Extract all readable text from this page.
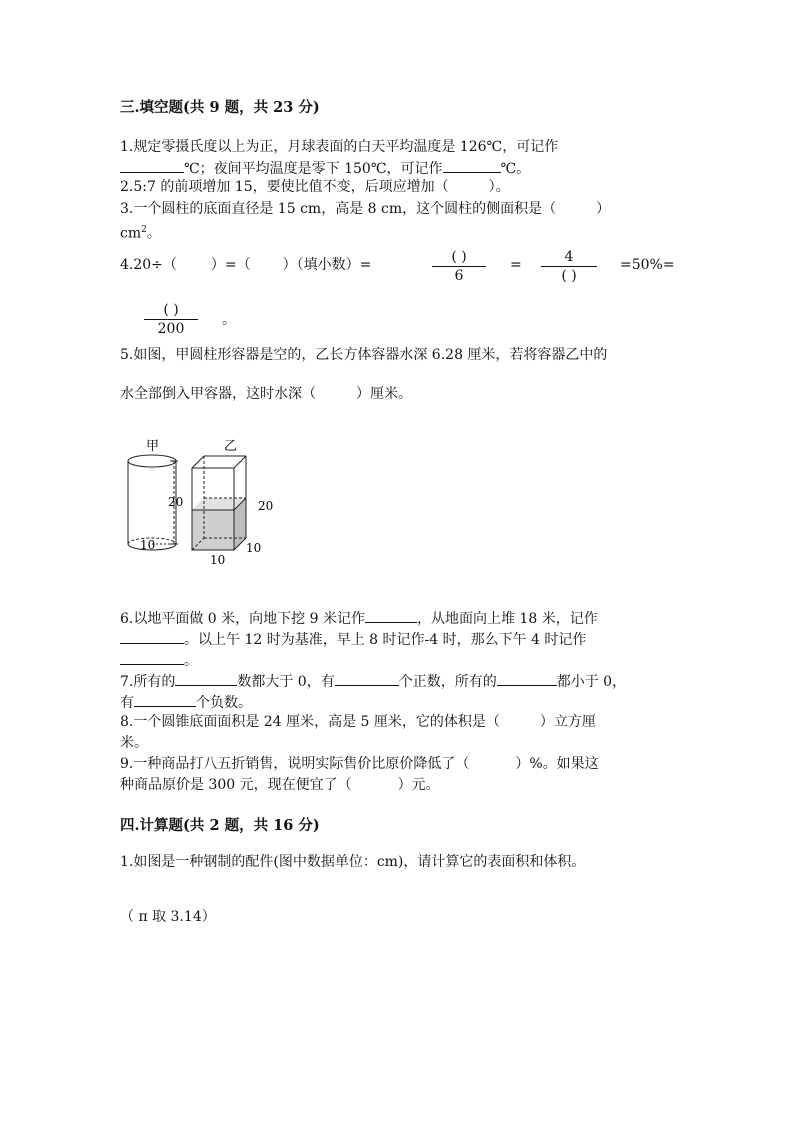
三.填空题(共 9 题，共 23 分)
1.规定零摄氏度以上为正，月球表面的白天平均温度是 126℃，可记作
℃；夜间平均温度是零下 150℃，可记作	℃。
2.5:7 的前项增加 15，要使比值不变，后项应增加（	）。
3.一个圆柱的底面直径是 15 cm，高是 8 cm，这个圆柱的侧面积是（	）
$cm^2$。
4.20÷（ ）=（ ）（填小数）=	( )
6
=	4
( )
=50%=
( )
200
。
5.如图，甲圆柱形容器是空的，乙长方体容器水深 6.28 厘米，若将容器乙中的
水全部倒入甲容器，这时水深（	）厘米。
甲	乙
20
10
20
10
10
6.以地平面做 0 米，向地下挖 9 米记作	，从地面向上堆 18 米，记作
。以上午 12 时为基准，早上 8 时记作-4 时，那么下午 4 时记作
。
7.所有的	数都大于 0，有	个正数，所有的	都小于 0，
有	个负数。
8.一个圆锥底面面积是 24 厘米，高是 5 厘米，它的体积是（	）立方厘
米。
9.一种商品打八五折销售，说明实际售价比原价降低了（	）%。如果这
种商品原价是 300 元，现在便宜了（	）元。
四.计算题(共 2 题，共 16 分)
1.如图是一种钢制的配件(图中数据单位：cm)，请计算它的表面积和体积。
（ π 取 3.14）
